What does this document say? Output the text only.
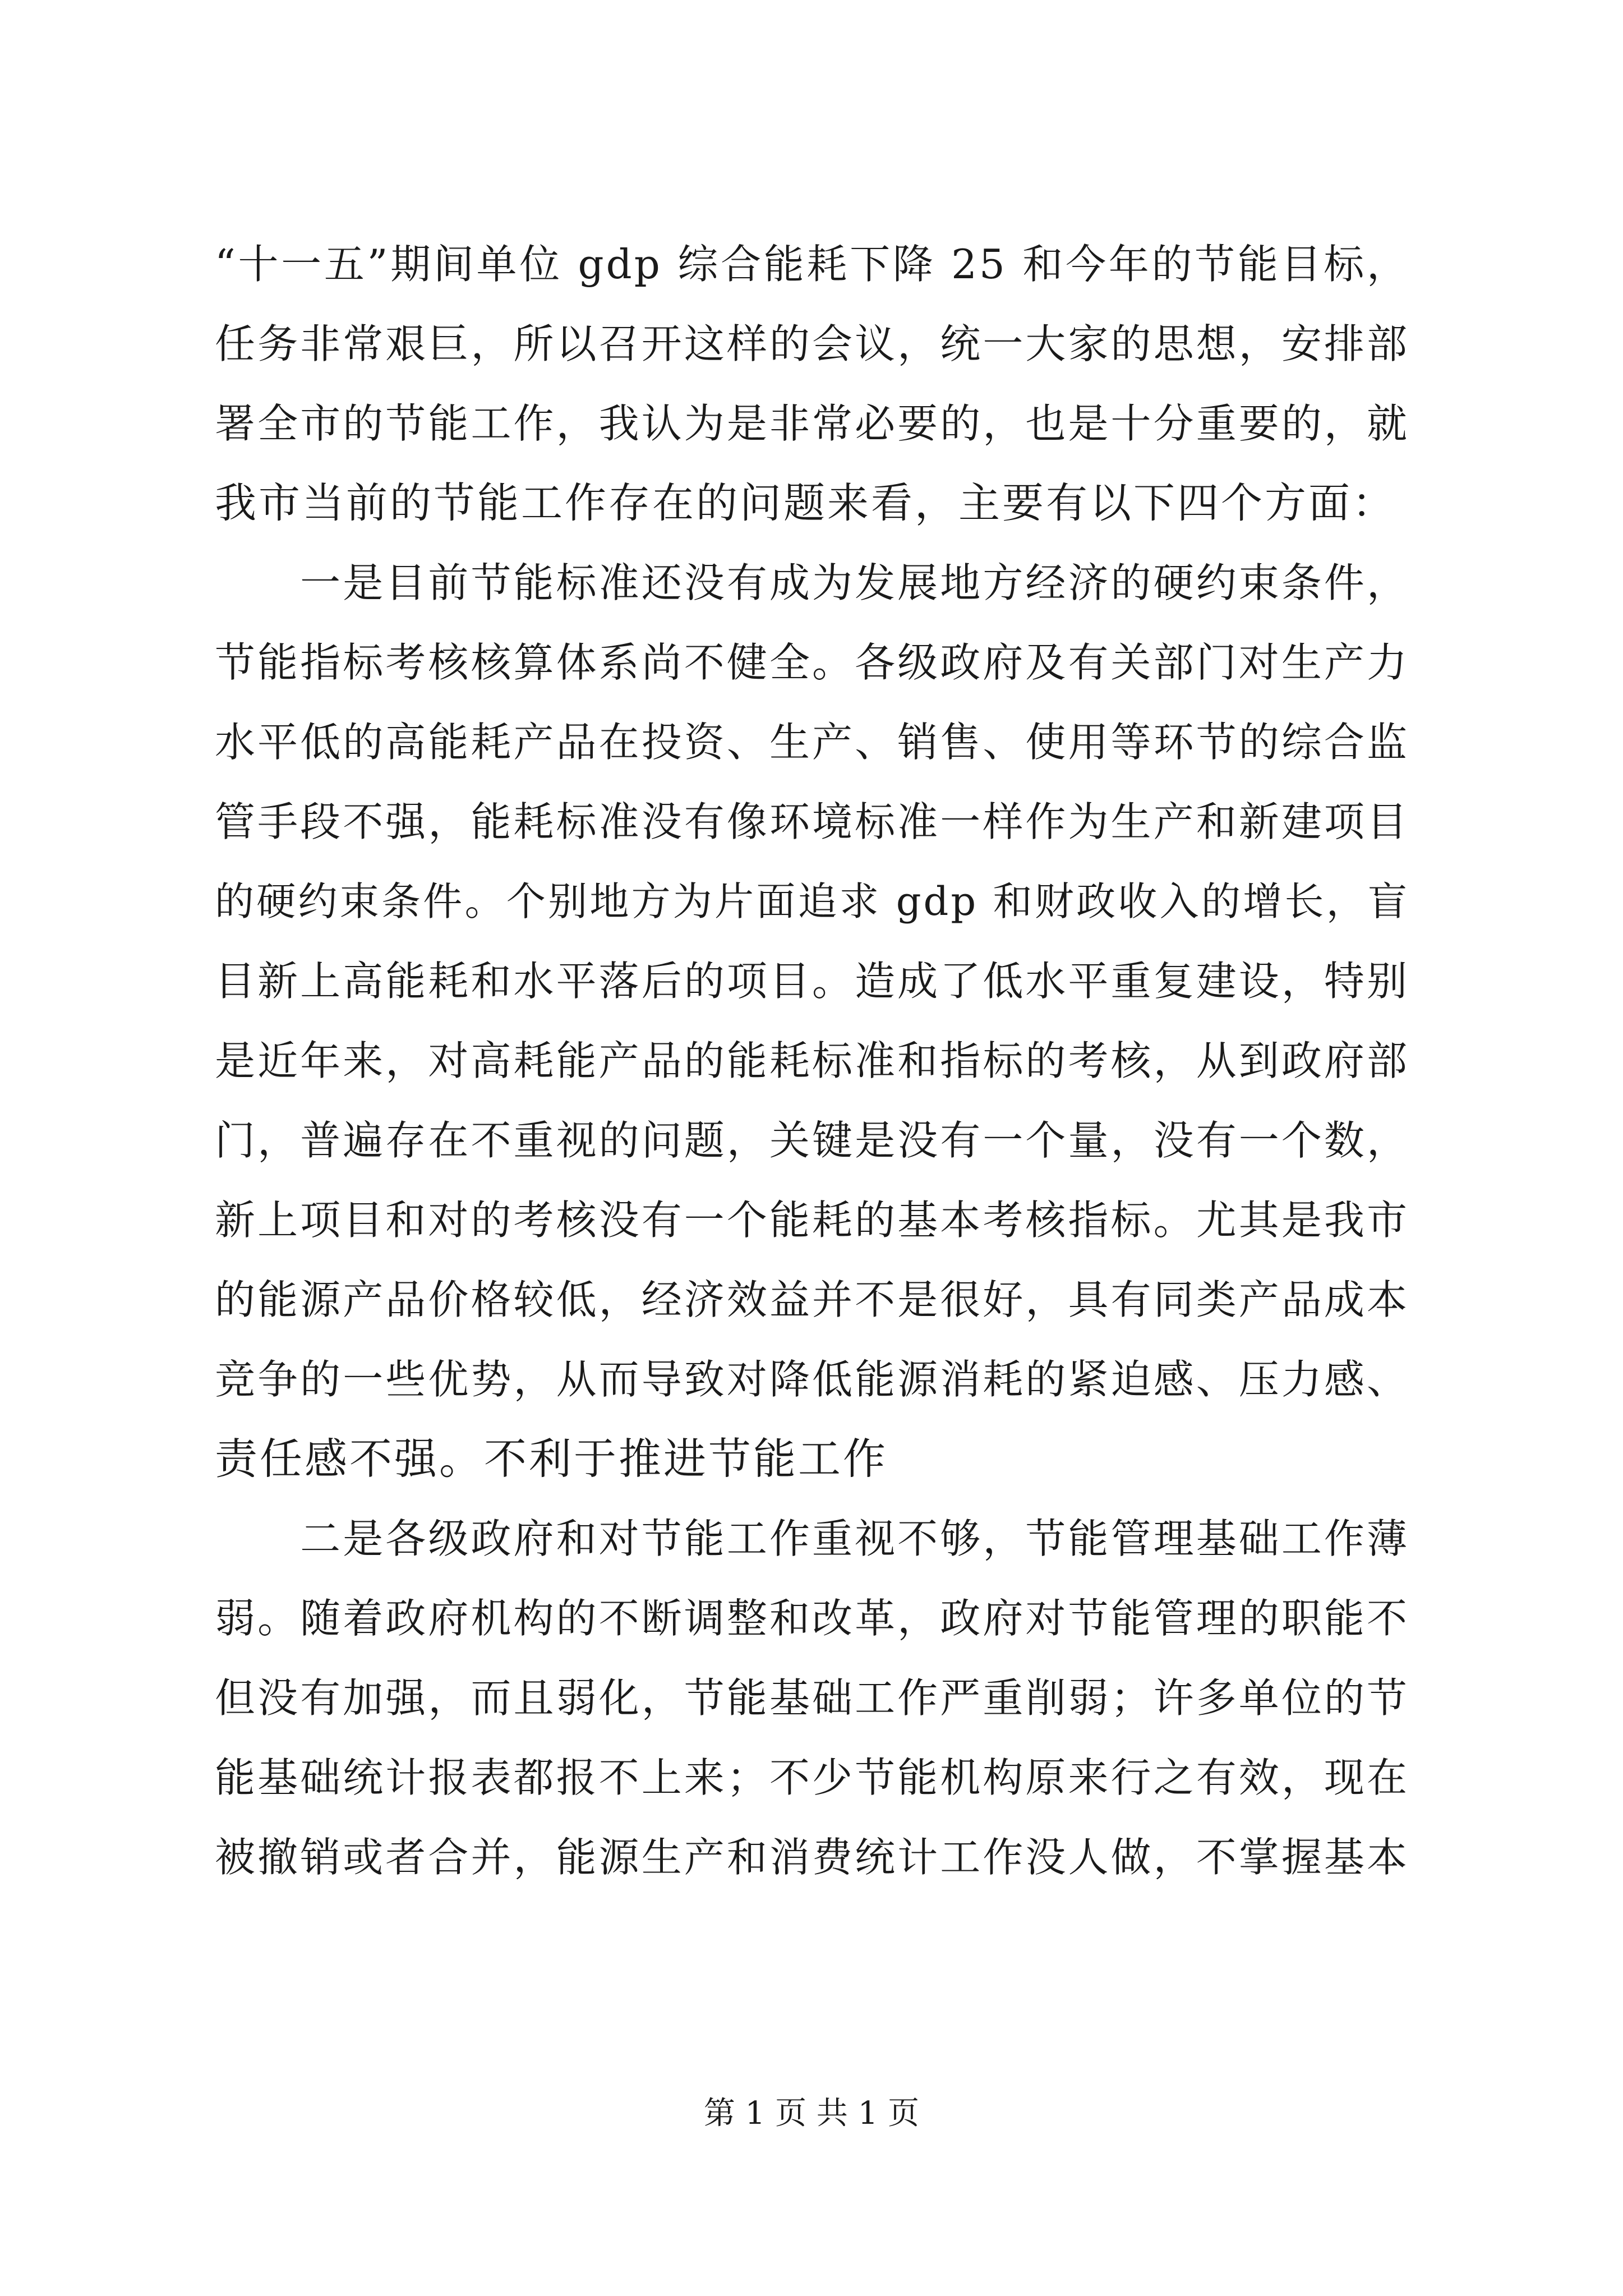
“十一五”期间单位 gdp 综合能耗下降 25 和今年的节能目标，
任务非常艰巨，所以召开这样的会议，统一大家的思想，安排部
署全市的节能工作，我认为是非常必要的，也是十分重要的，就
我市当前的节能工作存在的问题来看，主要有以下四个方面：
　　一是目前节能标准还没有成为发展地方经济的硬约束条件，
节能指标考核核算体系尚不健全。各级政府及有关部门对生产力
水平低的高能耗产品在投资、生产、销售、使用等环节的综合监
管手段不强，能耗标准没有像环境标准一样作为生产和新建项目
的硬约束条件。个别地方为片面追求 gdp 和财政收入的增长，盲
目新上高能耗和水平落后的项目。造成了低水平重复建设，特别
是近年来，对高耗能产品的能耗标准和指标的考核，从到政府部
门，普遍存在不重视的问题，关键是没有一个量，没有一个数，
新上项目和对的考核没有一个能耗的基本考核指标。尤其是我市
的能源产品价格较低，经济效益并不是很好，具有同类产品成本
竞争的一些优势，从而导致对降低能源消耗的紧迫感、压力感、
责任感不强。不利于推进节能工作
　　二是各级政府和对节能工作重视不够，节能管理基础工作薄
弱。随着政府机构的不断调整和改革，政府对节能管理的职能不
但没有加强，而且弱化，节能基础工作严重削弱；许多单位的节
能基础统计报表都报不上来；不少节能机构原来行之有效，现在
被撤销或者合并，能源生产和消费统计工作没人做，不掌握基本
第 1 页 共 1 页
